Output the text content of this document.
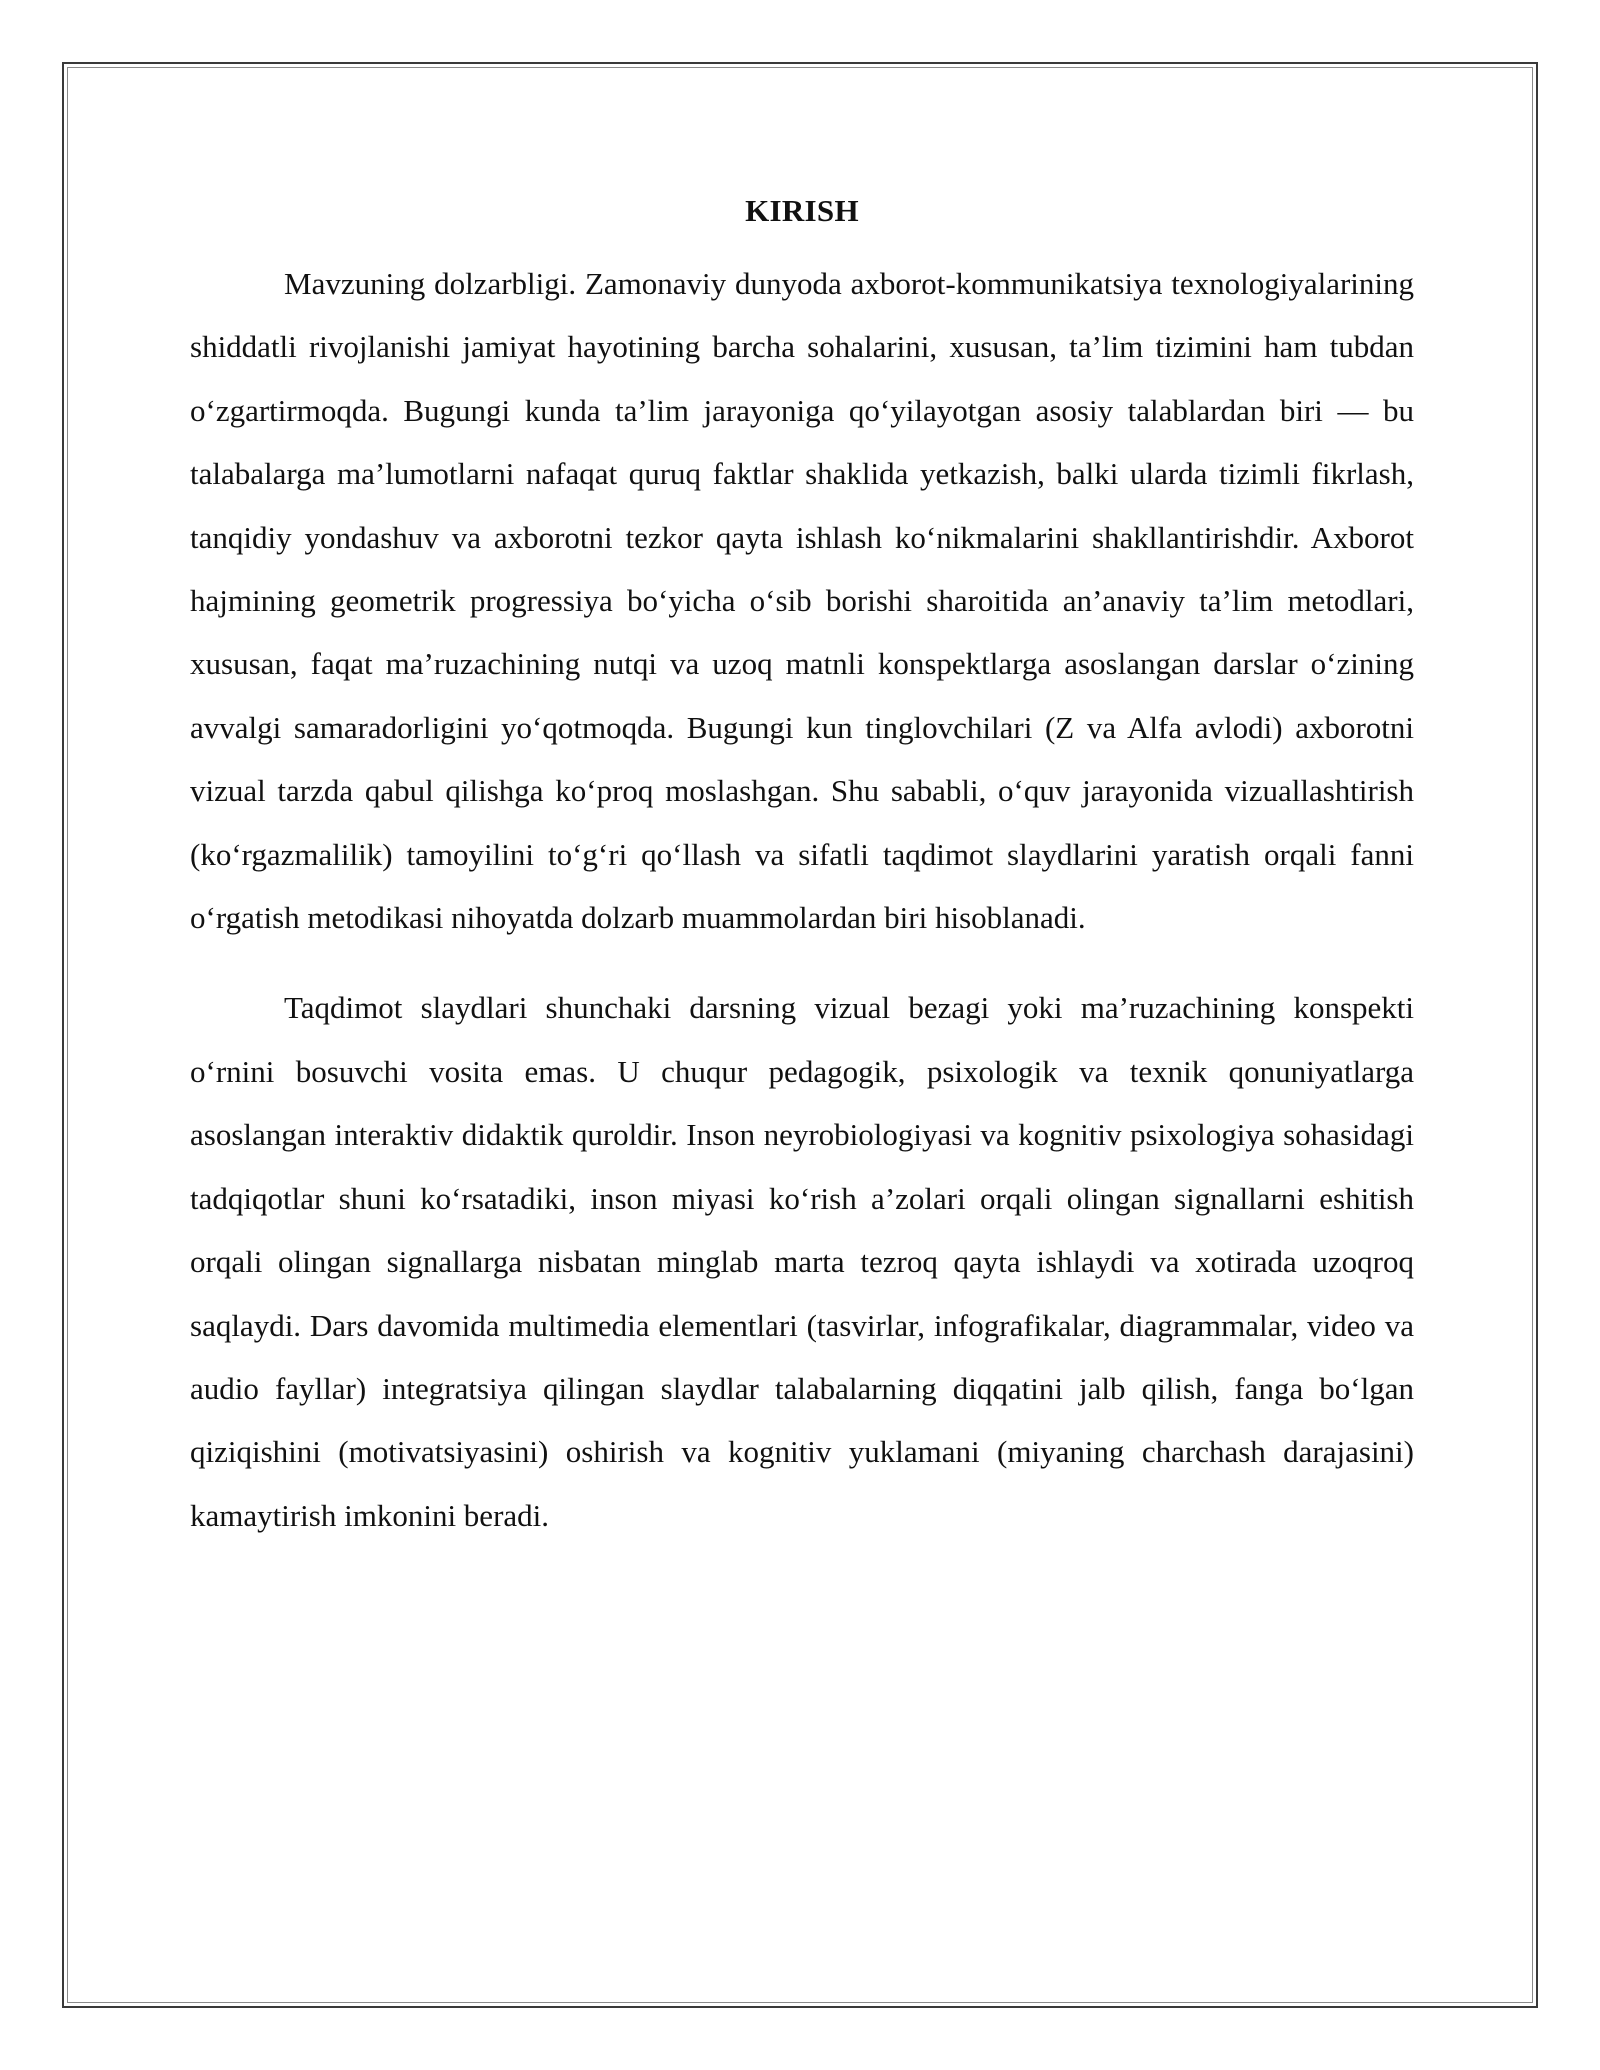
KIRISH

Mavzuning dolzarbligi. Zamonaviy dunyoda axborot-kommunikatsiya texnologiyalarining shiddatli rivojlanishi jamiyat hayotining barcha sohalarini, xususan, ta’lim tizimini ham tubdan o‘zgartirmoqda. Bugungi kunda ta’lim jarayoniga qo‘yilayotgan asosiy talablardan biri — bu talabalarga ma’lumotlarni nafaqat quruq faktlar shaklida yetkazish, balki ularda tizimli fikrlash, tanqidiy yondashuv va axborotni tezkor qayta ishlash ko‘nikmalarini shakllantirishdir. Axborot hajmining geometrik progressiya bo‘yicha o‘sib borishi sharoitida an’anaviy ta’lim metodlari, xususan, faqat ma’ruzachining nutqi va uzoq matnli konspektlarga asoslangan darslar o‘zining avvalgi samaradorligini yo‘qotmoqda. Bugungi kun tinglovchilari (Z va Alfa avlodi) axborotni vizual tarzda qabul qilishga ko‘proq moslashgan. Shu sababli, o‘quv jarayonida vizuallashtirish (ko‘rgazmalilik) tamoyilini to‘g‘ri qo‘llash va sifatli taqdimot slaydlarini yaratish orqali fanni o‘rgatish metodikasi nihoyatda dolzarb muammolardan biri hisoblanadi.

Taqdimot slaydlari shunchaki darsning vizual bezagi yoki ma’ruzachining konspekti o‘rnini bosuvchi vosita emas. U chuqur pedagogik, psixologik va texnik qonuniyatlarga asoslangan interaktiv didaktik quroldir. Inson neyrobiologiyasi va kognitiv psixologiya sohasidagi tadqiqotlar shuni ko‘rsatadiki, inson miyasi ko‘rish a’zolari orqali olingan signallarni eshitish orqali olingan signallarga nisbatan minglab marta tezroq qayta ishlaydi va xotirada uzoqroq saqlaydi. Dars davomida multimedia elementlari (tasvirlar, infografikalar, diagrammalar, video va audio fayllar) integratsiya qilingan slaydlar talabalarning diqqatini jalb qilish, fanga bo‘lgan qiziqishini (motivatsiyasini) oshirish va kognitiv yuklamani (miyaning charchash darajasini) kamaytirish imkonini beradi.
